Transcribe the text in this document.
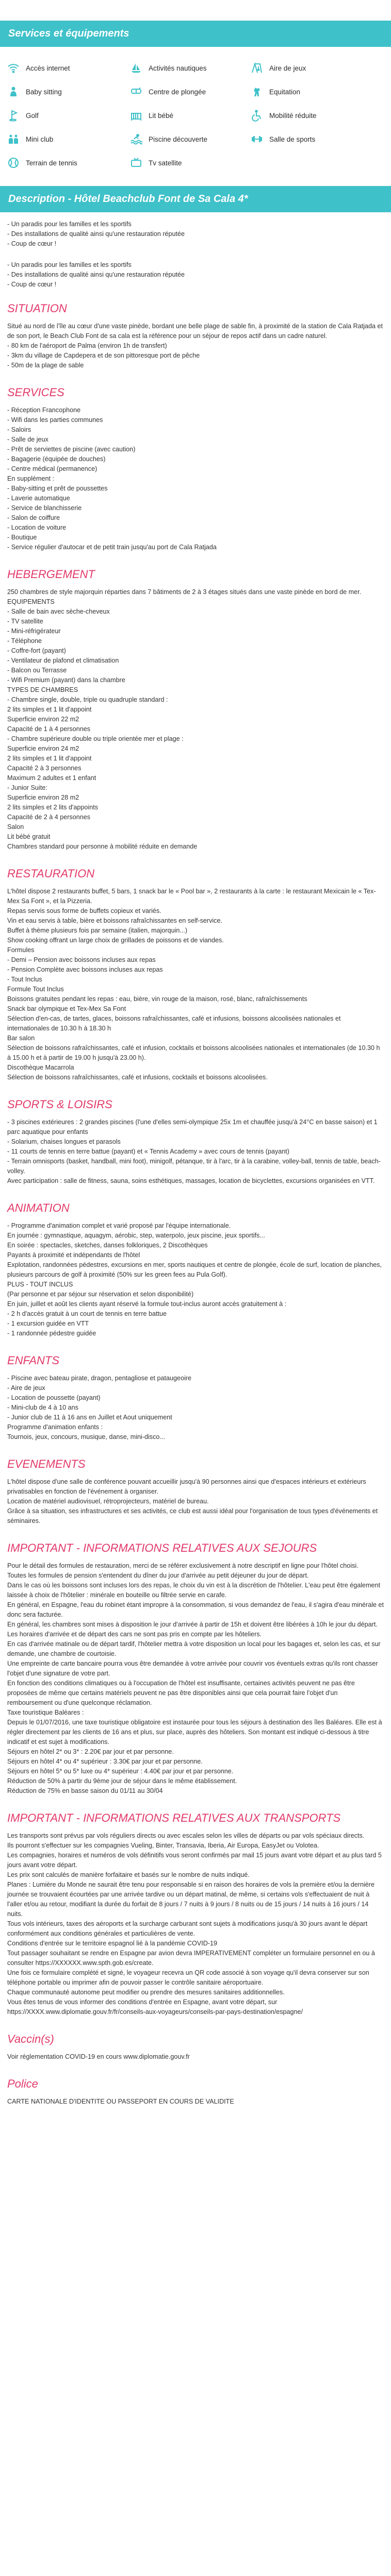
Services et équipements
Accès internet	Activités nautiques	Aire de jeux
Baby sitting	Centre de plongée	Equitation
Golf	Lit bébé	Mobilité réduite
Mini club	Piscine découverte	Salle de sports
Terrain de tennis	Tv satellite
Description - Hôtel Beachclub Font de Sa Cala 4*

- Un paradis pour les familles et les sportifs
- Des installations de qualité ainsi qu'une restauration réputée
- Coup de cœur !

- Un paradis pour les familles et les sportifs
- Des installations de qualité ainsi qu'une restauration réputée
- Coup de cœur !

SITUATION

Situé au nord de l'île au cœur d'une vaste pinède, bordant une belle plage de sable fin, à proximité de la station de Cala Ratjada et de son port, le Beach Club Font de sa cala est la référence pour un séjour de repos actif dans un cadre naturel.
- 80 km de l'aéroport de Palma (environ 1h de transfert)
- 3km du village de Capdepera et de son pittoresque port de pêche
- 50m de la plage de sable

SERVICES

- Réception Francophone
- Wifi dans les parties communes
- Saloirs
- Salle de jeux
- Prêt de serviettes de piscine (avec caution)
- Bagagerie (équipée de douches)
- Centre médical (permanence)
En supplément :
- Baby-sitting et prêt de poussettes
- Laverie automatique
- Service de blanchisserie
- Salon de coiffure
- Location de voiture
- Boutique
- Service régulier d'autocar et de petit train jusqu'au port de Cala Ratjada

HEBERGEMENT

250 chambres de style majorquin réparties dans 7 bâtiments de 2 à 3 étages situés dans une vaste pinède en bord de mer.
EQUIPEMENTS
- Salle de bain avec sèche-cheveux
- TV satellite
- Mini-réfrigérateur
- Téléphone
- Coffre-fort (payant)
- Ventilateur de plafond et climatisation
- Balcon ou Terrasse
- Wifi Premium (payant) dans la chambre
TYPES DE CHAMBRES
- Chambre single, double, triple ou quadruple standard :
2 lits simples et 1 lit d'appoint
Superficie environ 22 m2
Capacité de 1 à 4 personnes
- Chambre supérieure double ou triple orientée mer et plage :
Superficie environ 24 m2
2 lits simples et 1 lit d'appoint
Capacité 2 à 3 personnes
Maximum 2 adultes et 1 enfant
- Junior Suite:
Superficie environ 28 m2
2 lits simples et 2 lits d'appoints
Capacité de 2 à 4 personnes
Salon
Lit bébé gratuit
Chambres standard pour personne à mobilité réduite en demande

RESTAURATION

L'hôtel dispose 2 restaurants buffet, 5 bars, 1 snack bar le « Pool bar », 2 restaurants à la carte : le restaurant Mexicain le « Tex-Mex Sa Font », et la Pizzeria.
Repas servis sous forme de buffets copieux et variés.
Vin et eau servis à table, bière et boissons rafraîchissantes en self-service.
Buffet à thème plusieurs fois par semaine (italien, majorquin...)
Show cooking offrant un large choix de grillades de poissons et de viandes.
Formules
- Demi – Pension avec boissons incluses aux repas
- Pension Complète avec boissons incluses aux repas
- Tout Inclus
Formule Tout Inclus
Boissons gratuites pendant les repas : eau, bière, vin rouge de la maison, rosé, blanc, rafraîchissements
Snack bar olympique et Tex-Mex Sa Font
Sélection d'en-cas, de tartes, glaces, boissons rafraîchissantes, café et infusions, boissons alcoolisées nationales et internationales de 10.30 h à 18.30 h
Bar salon
Sélection de boissons rafraîchissantes, café et infusion, cocktails et boissons alcoolisées nationales et internationales (de 10.30 h à 15.00 h et à partir de 19.00 h jusqu'à 23.00 h).
Discothèque Macarrola
Sélection de boissons rafraîchissantes, café et infusions, cocktails et boissons alcoolisées.

SPORTS & LOISIRS

- 3 piscines extérieures : 2 grandes piscines (l'une d'elles semi-olympique 25x 1m et chauffée jusqu'à 24°C en basse saison) et 1 parc aquatique pour enfants
- Solarium, chaises longues et parasols
- 11 courts de tennis en terre battue (payant) et « Tennis Academy » avec cours de tennis (payant)
- Terrain omnisports (basket, handball, mini foot), minigolf, pétanque, tir à l'arc, tir à la carabine, volley-ball, tennis de table, beach-volley.
Avec participation : salle de fitness, sauna, soins esthétiques, massages, location de bicyclettes, excursions organisées en VTT.

ANIMATION

- Programme d'animation complet et varié proposé par l'équipe internationale.
En journée : gymnastique, aquagym, aérobic, step, waterpolo, jeux piscine, jeux sportifs...
En soirée : spectacles, sketches, danses folkloriques, 2 Discothèques
Payants à proximité et indépendants de l'hôtel
Explotation, randonnées pédestres, excursions en mer, sports nautiques et centre de plongée, école de surf, location de planches, plusieurs parcours de golf à proximité (50% sur les green fees au Pula Golf).
PLUS - TOUT INCLUS
(Par personne et par séjour sur réservation et selon disponibilité)
En juin, juillet et août les clients ayant réservé la formule tout-inclus auront accès gratuitement à :
- 2 h d'accès gratuit à un court de tennis en terre battue
- 1 excursion guidée en VTT
- 1 randonnée pédestre guidée

ENFANTS

- Piscine avec bateau pirate, dragon, pentagliose et pataugeoire
- Aire de jeux
- Location de poussette (payant)
- Mini-club de 4 à 10 ans
- Junior club de 11 à 16 ans en Juillet et Aout uniquement
Programme d'animation enfants :
Tournois, jeux, concours, musique, danse, mini-disco...

EVENEMENTS

L'hôtel dispose d'une salle de conférence pouvant accueillir jusqu'à 90 personnes ainsi que d'espaces intérieurs et extérieurs privatisables en fonction de l'événement à organiser.
Location de matériel audiovisuel, rétroprojecteurs, matériel de bureau.
Grâce à sa situation, ses infrastructures et ses activités, ce club est aussi idéal pour l'organisation de tous types d'événements et séminaires.

IMPORTANT - INFORMATIONS RELATIVES AUX SEJOURS

Pour le détail des formules de restauration, merci de se référer exclusivement à notre descriptif en ligne pour l'hôtel choisi.
Toutes les formules de pension s'entendent du dîner du jour d'arrivée au petit déjeuner du jour de départ.
Dans le cas où les boissons sont incluses lors des repas, le choix du vin est à la discrétion de l'hôtelier. L'eau peut être également laissée à choix de l'hôtelier : minérale en bouteille ou filtrée servie en carafe.
En général, en Espagne, l'eau du robinet étant impropre à la consommation, si vous demandez de l'eau, il s'agira d'eau minérale et donc sera facturée.
En général, les chambres sont mises à disposition le jour d'arrivée à partir de 15h et doivent être libérées à 10h le jour du départ. Les horaires d'arrivée et de départ des cars ne sont pas pris en compte par les hôteliers.
En cas d'arrivée matinale ou de départ tardif, l'hôtelier mettra à votre disposition un local pour les bagages et, selon les cas, et sur demande, une chambre de courtoisie.
Une empreinte de carte bancaire pourra vous être demandée à votre arrivée pour couvrir vos éventuels extras qu'ils ront chasser l'objet d'une signature de votre part.
En fonction des conditions climatiques ou à l'occupation de l'hôtel est insuffisante, certaines activités peuvent ne pas être proposées de même que certains matériels peuvent ne pas être disponibles ainsi que cela pourrait faire l'objet d'un remboursement ou d'une quelconque réclamation.
Taxe touristique Baléares :
Depuis le 01/07/2016, une taxe touristique obligatoire est instaurée pour tous les séjours à destination des îles Baléares. Elle est à régler directement par les clients de 16 ans et plus, sur place, auprès des hôteliers. Son montant est indiqué ci-dessous à titre indicatif et est sujet à modifications.
Séjours en hôtel 2* ou 3* : 2.20€ par jour et par personne.
Séjours en hôtel 4* ou 4* supérieur : 3.30€ par jour et par personne.
Séjours en hôtel 5* ou 5* luxe ou 4* supérieur : 4.40€ par jour et par personne.
Réduction de 50% à partir du 9ème jour de séjour dans le même établissement.
Réduction de 75% en basse saison du 01/11 au 30/04

IMPORTANT - INFORMATIONS RELATIVES AUX TRANSPORTS

Les transports sont prévus par vols réguliers directs ou avec escales selon les villes de départs ou par vols spéciaux directs.
Ils pourront s'effectuer sur les compagnies Vueling, Binter, Transavia, Iberia, Air Europa, EasyJet ou Volotea.
Les compagnies, horaires et numéros de vols définitifs vous seront confirmés par mail 15 jours avant votre départ et au plus tard 5 jours avant votre départ.
Les prix sont calculés de manière forfaitaire et basés sur le nombre de nuits indiqué.
Planes : Lumière du Monde ne saurait être tenu pour responsable si en raison des horaires de vols la première et/ou la dernière journée se trouvaient écourtées par une arrivée tardive ou un départ matinal, de même, si certains vols s'effectuaient de nuit à l'aller et/ou au retour, modifiant la durée du forfait de 8 jours / 7 nuits à 9 jours / 8 nuits ou de 15 jours / 14 nuits à 16 jours / 14 nuits.
Tous vols intérieurs, taxes des aéroports et la surcharge carburant sont sujets à modifications jusqu'à 30 jours avant le départ conformément aux conditions générales et particulières de vente.
Conditions d'entrée sur le territoire espagnol lié à la pandémie COVID-19
Tout passager souhaitant se rendre en Espagne par avion devra IMPERATIVEMENT compléter un formulaire personnel en ou à consulter https://XXXXXX.www.spth.gob.es/create.
Une fois ce formulaire complété et signé, le voyageur recevra un QR code associé à son voyage qu'il devra conserver sur son téléphone portable ou imprimer afin de pouvoir passer le contrôle sanitaire aéroportuaire.
Chaque communauté autonome peut modifier ou prendre des mesures sanitaires additionnelles.
Vous êtes tenus de vous informer des conditions d'entrée en Espagne, avant votre départ, sur
https://XXXX.www.diplomatie.gouv.fr/fr/conseils-aux-voyageurs/conseils-par-pays-destination/espagne/

Vaccin(s)

Voir réglementation COVID-19 en cours www.diplomatie.gouv.fr

Police

CARTE NATIONALE D'IDENTITE OU PASSEPORT EN COURS DE VALIDITE
